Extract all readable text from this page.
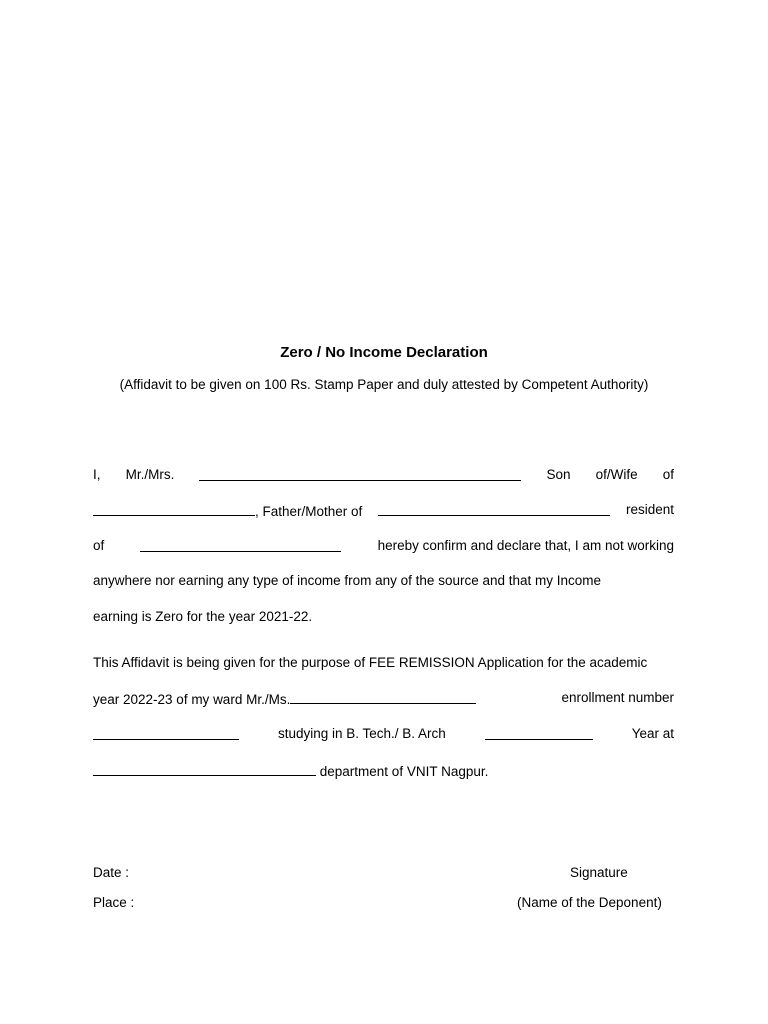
Zero / No Income Declaration
(Affidavit to be given on 100 Rs. Stamp Paper and duly attested by Competent Authority)
I, Mr./Mrs.	Son of/Wife of
, Father/Mother of	resident
of	hereby confirm and declare that, I am not working
anywhere nor earning any type of income from any of the source and that my Income
earning is Zero for the year 2021-22.
This Affidavit is being given for the purpose of FEE REMISSION Application for the academic
year 2022-23 of my ward Mr./Ms.	enrollment number
studying in B. Tech./ B. Arch	Year at
department of VNIT Nagpur.
Date :
Place :
Signature
(Name of the Deponent)
